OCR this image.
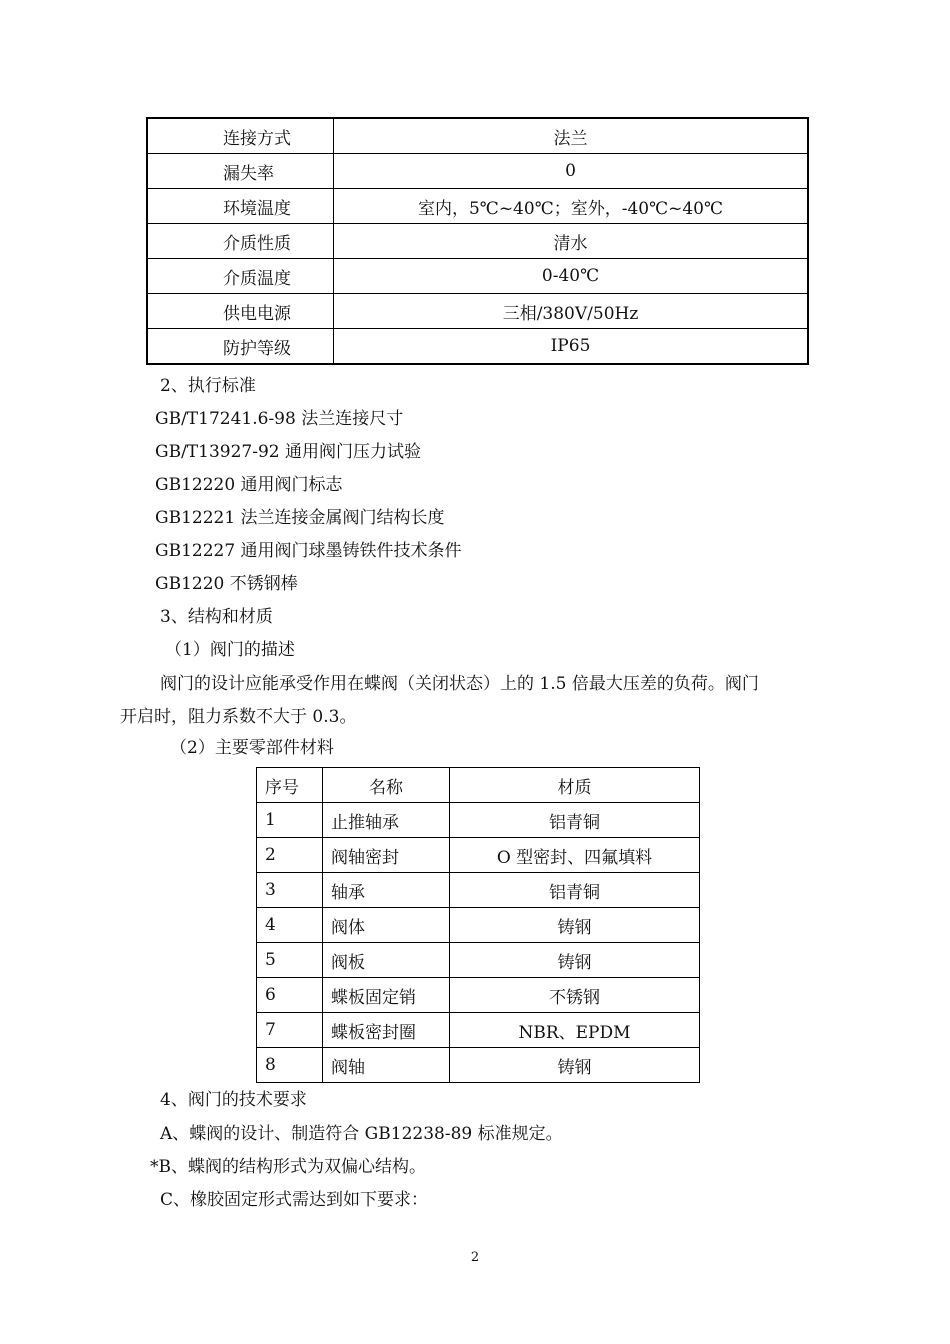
连接方式	法兰
漏失率	0
环境温度	室内，5℃~40℃；室外，-40℃~40℃
介质性质	清水
介质温度	0-40℃
供电电源	三相/380V/50Hz
防护等级	IP65
2、执行标准
GB/T17241.6-98 法兰连接尺寸
GB/T13927-92 通用阀门压力试验
GB12220 通用阀门标志
GB12221 法兰连接金属阀门结构长度
GB12227 通用阀门球墨铸铁件技术条件
GB1220 不锈钢棒
3、结构和材质
（1）阀门的描述
阀门的设计应能承受作用在蝶阀（关闭状态）上的 1.5 倍最大压差的负荷。阀门
开启时，阻力系数不大于 0.3。
（2）主要零部件材料
序号	名称	材质
1	止推轴承	铝青铜
2	阀轴密封	O 型密封、四氟填料
3	轴承	铝青铜
4	阀体	铸钢
5	阀板	铸钢
6	蝶板固定销	不锈钢
7	蝶板密封圈	NBR、EPDM
8	阀轴	铸钢
4、阀门的技术要求
A、蝶阀的设计、制造符合 GB12238-89 标准规定。
*B、蝶阀的结构形式为双偏心结构。
C、橡胶固定形式需达到如下要求：
2
